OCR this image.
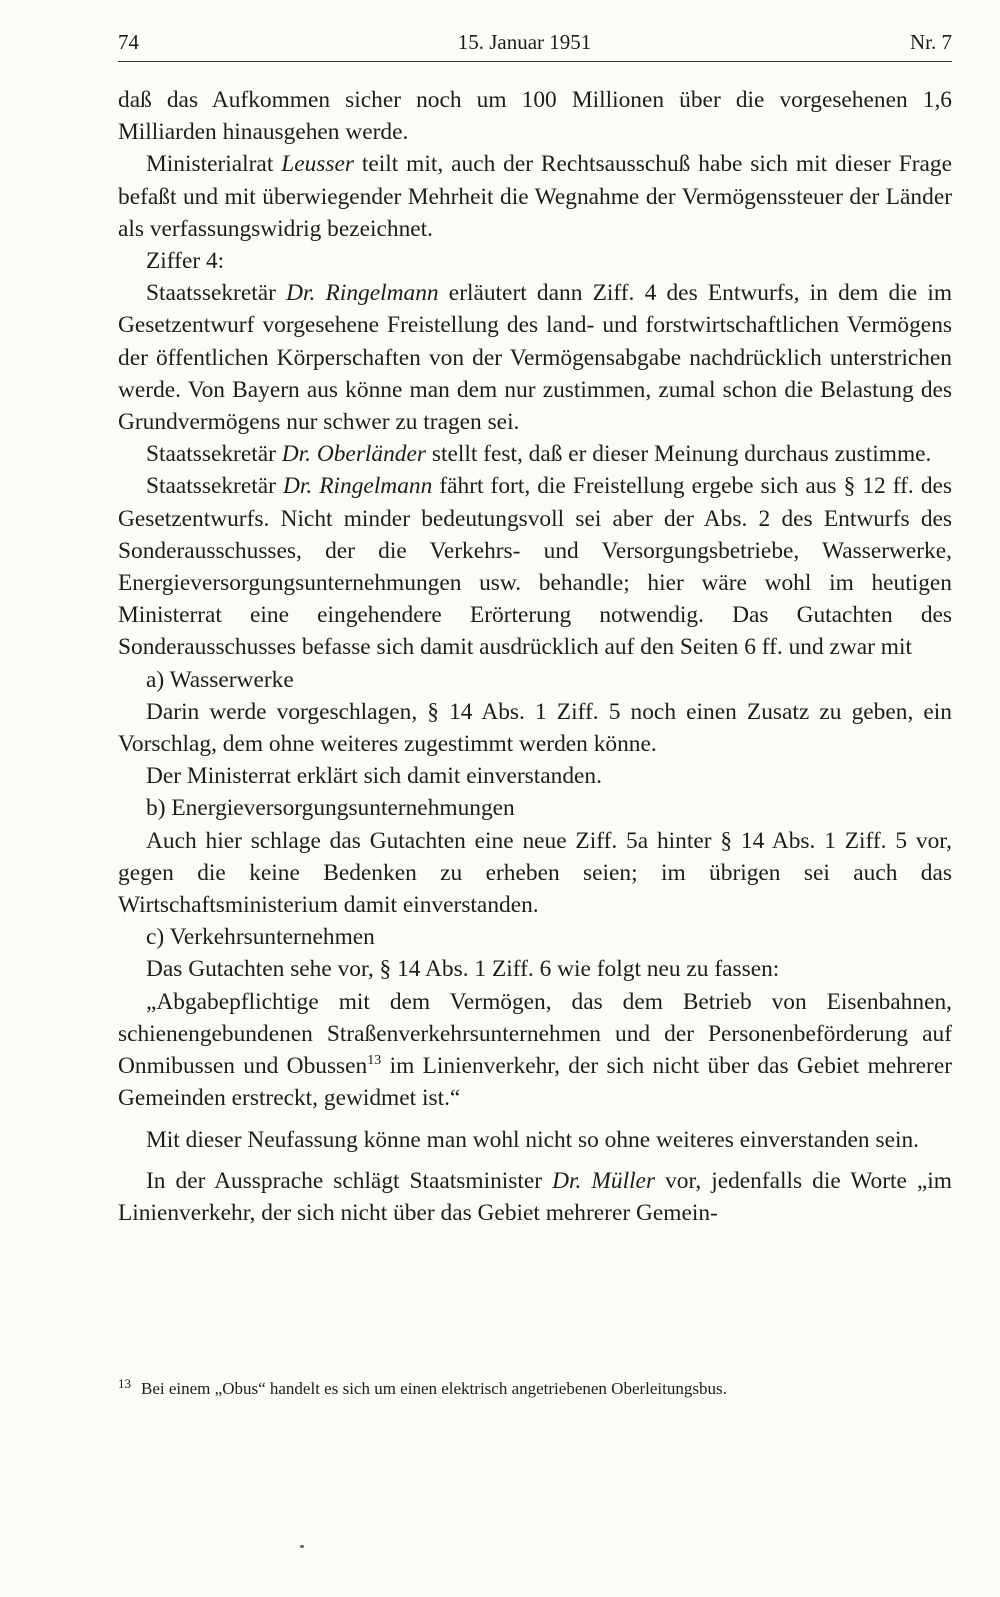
74	15. Januar 1951	Nr. 7

daß das Aufkommen sicher noch um 100 Millionen über die vorgesehenen 1,6 Milliarden hinausgehen werde.

Ministerialrat Leusser teilt mit, auch der Rechtsausschuß habe sich mit dieser Frage befaßt und mit überwiegender Mehrheit die Wegnahme der Vermögenssteuer der Länder als verfassungswidrig bezeichnet.

Ziffer 4:

Staatssekretär Dr. Ringelmann erläutert dann Ziff. 4 des Entwurfs, in dem die im Gesetzentwurf vorgesehene Freistellung des land- und forstwirtschaftlichen Vermögens der öffentlichen Körperschaften von der Vermögensabgabe nachdrücklich unterstrichen werde. Von Bayern aus könne man dem nur zustimmen, zumal schon die Belastung des Grundvermögens nur schwer zu tragen sei.

Staatssekretär Dr. Oberländer stellt fest, daß er dieser Meinung durchaus zustimme.

Staatssekretär Dr. Ringelmann fährt fort, die Freistellung ergebe sich aus § 12 ff. des Gesetzentwurfs. Nicht minder bedeutungsvoll sei aber der Abs. 2 des Entwurfs des Sonderausschusses, der die Verkehrs- und Versorgungsbetriebe, Wasserwerke, Energieversorgungsunternehmungen usw. behandle; hier wäre wohl im heutigen Ministerrat eine eingehendere Erörterung notwendig. Das Gutachten des Sonderausschusses befasse sich damit ausdrücklich auf den Seiten 6 ff. und zwar mit

a) Wasserwerke

Darin werde vorgeschlagen, § 14 Abs. 1 Ziff. 5 noch einen Zusatz zu geben, ein Vorschlag, dem ohne weiteres zugestimmt werden könne.

Der Ministerrat erklärt sich damit einverstanden.

b) Energieversorgungsunternehmungen

Auch hier schlage das Gutachten eine neue Ziff. 5a hinter § 14 Abs. 1 Ziff. 5 vor, gegen die keine Bedenken zu erheben seien; im übrigen sei auch das Wirtschaftsministerium damit einverstanden.

c) Verkehrsunternehmen

Das Gutachten sehe vor, § 14 Abs. 1 Ziff. 6 wie folgt neu zu fassen:

„Abgabepflichtige mit dem Vermögen, das dem Betrieb von Eisenbahnen, schienengebundenen Straßenverkehrsunternehmen und der Personenbeförderung auf Onmibussen und Obussen$^{13}$ im Linienverkehr, der sich nicht über das Gebiet mehrerer Gemeinden erstreckt, gewidmet ist.“

Mit dieser Neufassung könne man wohl nicht so ohne weiteres einverstanden sein.

In der Aussprache schlägt Staatsminister Dr. Müller vor, jedenfalls die Worte „im Linienverkehr, der sich nicht über das Gebiet mehrerer Gemein-

$^{13}$ Bei einem „Obus“ handelt es sich um einen elektrisch angetriebenen Oberleitungsbus.
